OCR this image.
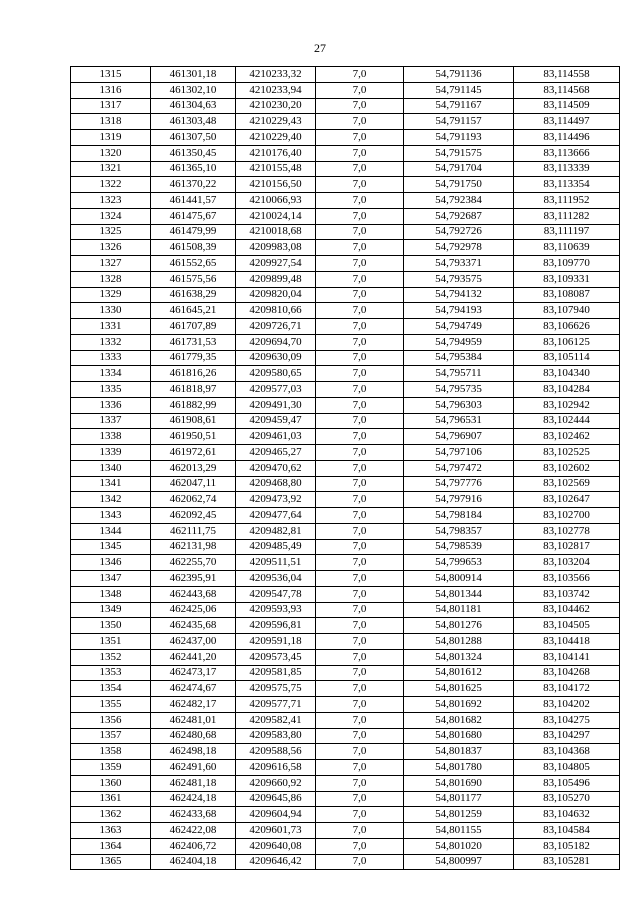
27
1315	461301,18	4210233,32	7,0	54,791136	83,114558
1316	461302,10	4210233,94	7,0	54,791145	83,114568
1317	461304,63	4210230,20	7,0	54,791167	83,114509
1318	461303,48	4210229,43	7,0	54,791157	83,114497
1319	461307,50	4210229,40	7,0	54,791193	83,114496
1320	461350,45	4210176,40	7,0	54,791575	83,113666
1321	461365,10	4210155,48	7,0	54,791704	83,113339
1322	461370,22	4210156,50	7,0	54,791750	83,113354
1323	461441,57	4210066,93	7,0	54,792384	83,111952
1324	461475,67	4210024,14	7,0	54,792687	83,111282
1325	461479,99	4210018,68	7,0	54,792726	83,111197
1326	461508,39	4209983,08	7,0	54,792978	83,110639
1327	461552,65	4209927,54	7,0	54,793371	83,109770
1328	461575,56	4209899,48	7,0	54,793575	83,109331
1329	461638,29	4209820,04	7,0	54,794132	83,108087
1330	461645,21	4209810,66	7,0	54,794193	83,107940
1331	461707,89	4209726,71	7,0	54,794749	83,106626
1332	461731,53	4209694,70	7,0	54,794959	83,106125
1333	461779,35	4209630,09	7,0	54,795384	83,105114
1334	461816,26	4209580,65	7,0	54,795711	83,104340
1335	461818,97	4209577,03	7,0	54,795735	83,104284
1336	461882,99	4209491,30	7,0	54,796303	83,102942
1337	461908,61	4209459,47	7,0	54,796531	83,102444
1338	461950,51	4209461,03	7,0	54,796907	83,102462
1339	461972,61	4209465,27	7,0	54,797106	83,102525
1340	462013,29	4209470,62	7,0	54,797472	83,102602
1341	462047,11	4209468,80	7,0	54,797776	83,102569
1342	462062,74	4209473,92	7,0	54,797916	83,102647
1343	462092,45	4209477,64	7,0	54,798184	83,102700
1344	462111,75	4209482,81	7,0	54,798357	83,102778
1345	462131,98	4209485,49	7,0	54,798539	83,102817
1346	462255,70	4209511,51	7,0	54,799653	83,103204
1347	462395,91	4209536,04	7,0	54,800914	83,103566
1348	462443,68	4209547,78	7,0	54,801344	83,103742
1349	462425,06	4209593,93	7,0	54,801181	83,104462
1350	462435,68	4209596,81	7,0	54,801276	83,104505
1351	462437,00	4209591,18	7,0	54,801288	83,104418
1352	462441,20	4209573,45	7,0	54,801324	83,104141
1353	462473,17	4209581,85	7,0	54,801612	83,104268
1354	462474,67	4209575,75	7,0	54,801625	83,104172
1355	462482,17	4209577,71	7,0	54,801692	83,104202
1356	462481,01	4209582,41	7,0	54,801682	83,104275
1357	462480,68	4209583,80	7,0	54,801680	83,104297
1358	462498,18	4209588,56	7,0	54,801837	83,104368
1359	462491,60	4209616,58	7,0	54,801780	83,104805
1360	462481,18	4209660,92	7,0	54,801690	83,105496
1361	462424,18	4209645,86	7,0	54,801177	83,105270
1362	462433,68	4209604,94	7,0	54,801259	83,104632
1363	462422,08	4209601,73	7,0	54,801155	83,104584
1364	462406,72	4209640,08	7,0	54,801020	83,105182
1365	462404,18	4209646,42	7,0	54,800997	83,105281
